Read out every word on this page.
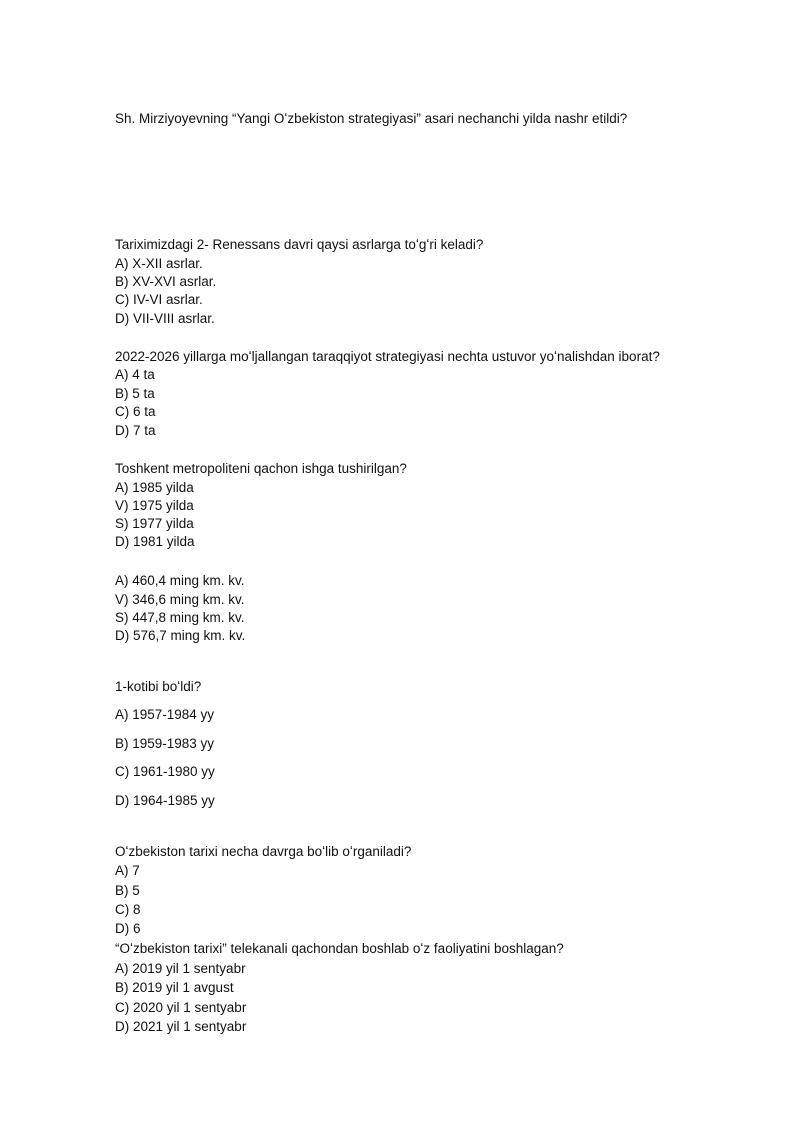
Sh. Mirziyoyevning “Yangi Oʻzbekiston strategiyasi” asari nechanchi yilda nashr etildi?
Tariximizdagi 2- Renessans davri qaysi asrlarga toʻgʻri keladi?
A) X-XII asrlar.
B) XV-XVI asrlar.
C) IV-VI asrlar.
D) VII-VIII asrlar.
2022-2026 yillarga moʻljallangan taraqqiyot strategiyasi nechta ustuvor yoʻnalishdan iborat?
A) 4 ta
B) 5 ta
C) 6 ta
D) 7 ta
Toshkent metropoliteni qachon ishga tushirilgan?
A) 1985 yilda
V) 1975 yilda
S) 1977 yilda
D) 1981 yilda
A) 460,4 ming km. kv.
V) 346,6 ming km. kv.
S) 447,8 ming km. kv.
D) 576,7 ming km. kv.
1-kotibi boʻldi?
A) 1957-1984 yy
B) 1959-1983 yy
C) 1961-1980 yy
D) 1964-1985 yy
Oʻzbekiston tarixi necha davrga boʻlib oʻrganiladi?
A) 7
B) 5
C) 8
D) 6
“Oʻzbekiston tarixi” telekanali qachondan boshlab oʻz faoliyatini boshlagan?
A) 2019 yil 1 sentyabr
B) 2019 yil 1 avgust
C) 2020 yil 1 sentyabr
D) 2021 yil 1 sentyabr
